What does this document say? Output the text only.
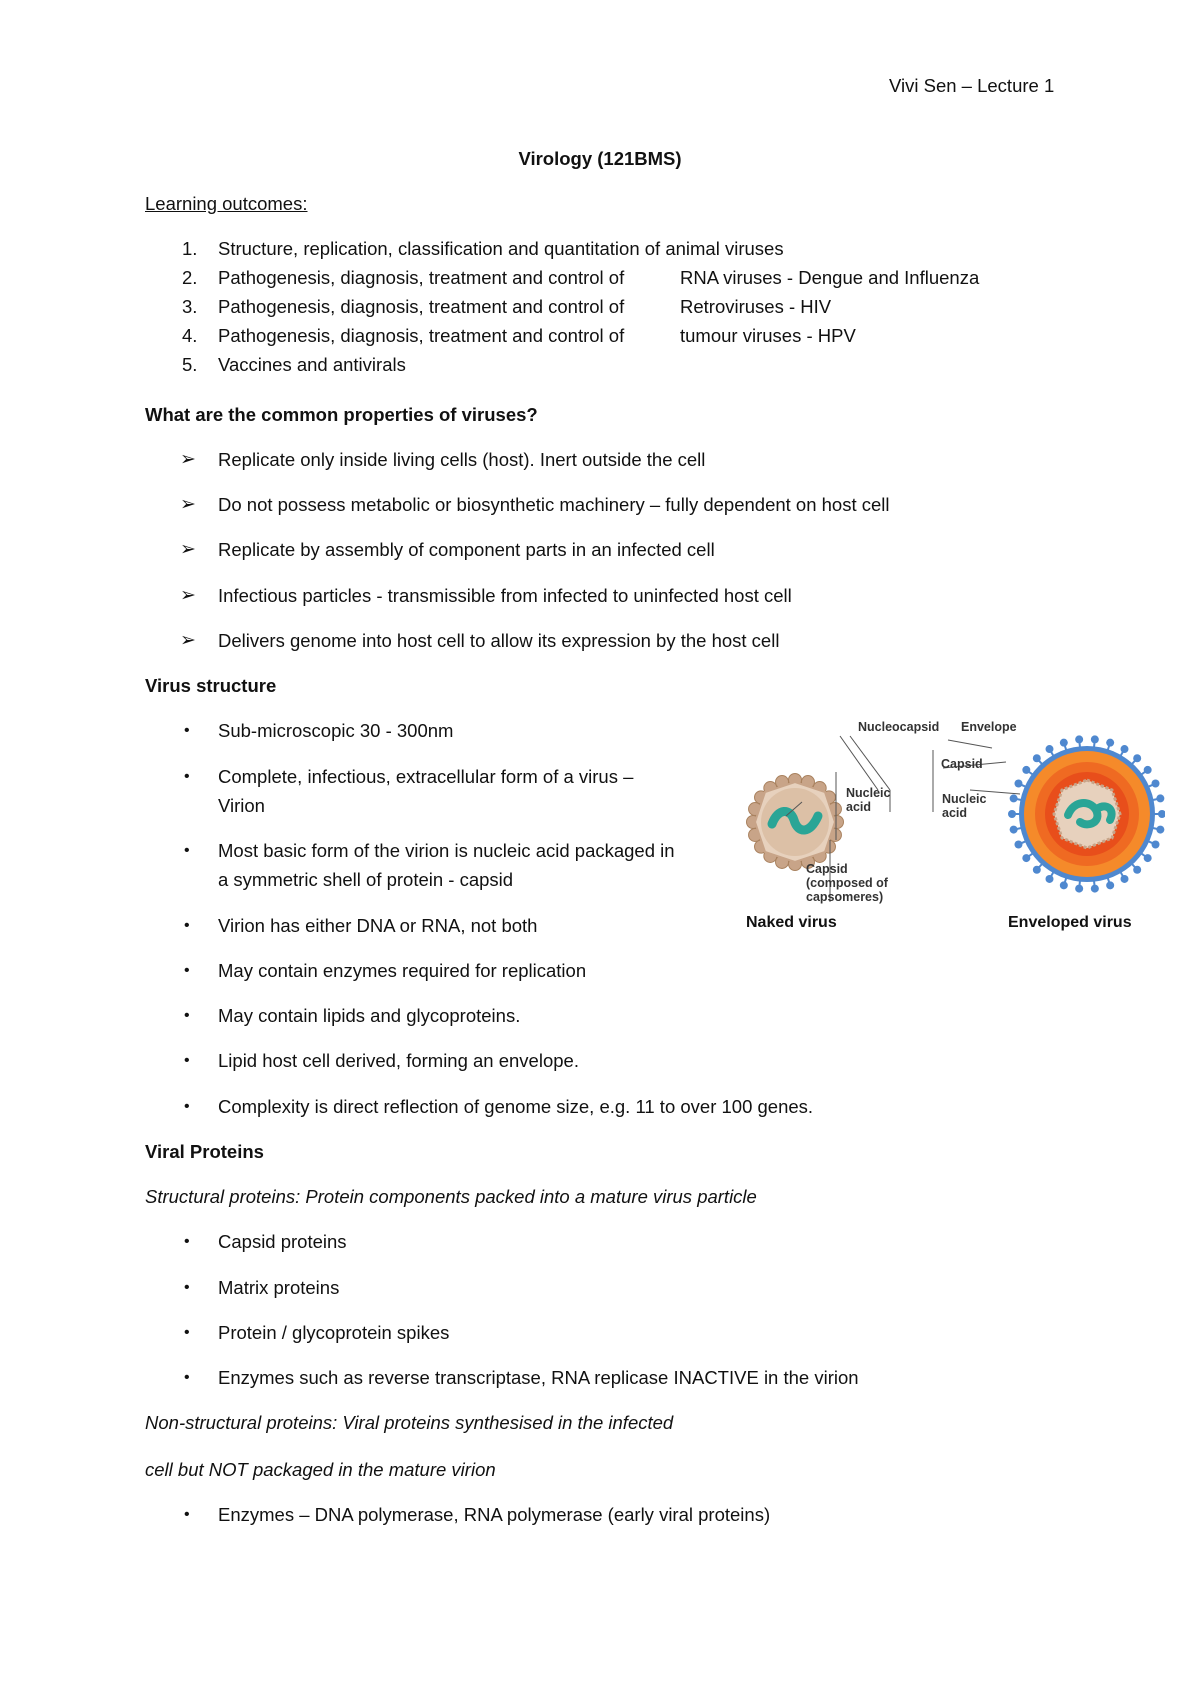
Vivi Sen – Lecture 1
Virology (121BMS)
Learning outcomes:
1.	Structure, replication, classification and quantitation of animal viruses
2.	Pathogenesis, diagnosis, treatment and control of	RNA viruses - Dengue and Influenza
3.	Pathogenesis, diagnosis, treatment and control of	Retroviruses - HIV
4.	Pathogenesis, diagnosis, treatment and control of	tumour viruses - HPV
5.	Vaccines and antivirals
What are the common properties of viruses?
➢ Replicate only inside living cells (host). Inert outside the cell
➢ Do not possess metabolic or biosynthetic machinery – fully dependent on host cell
➢ Replicate by assembly of component parts in an infected cell
➢ Infectious particles - transmissible from infected to uninfected host cell
➢ Delivers genome into host cell to allow its expression by the host cell
Virus structure
• Sub-microscopic 30 - 300nm
• Complete, infectious, extracellular form of a virus –
Virion
• Most basic form of the virion is nucleic acid packaged in
a symmetric shell of protein - capsid
• Virion has either DNA or RNA, not both
• May contain enzymes required for replication
• May contain lipids and glycoproteins.
• Lipid host cell derived, forming an envelope.
• Complexity is direct reflection of genome size, e.g. 11 to over 100 genes.
Nucleocapsid Envelope
Capsid
Nucleic
acid
Nucleic
acid
Capsid
(composed of
capsomeres)
Naked virus	Enveloped virus
Viral Proteins
Structural proteins: Protein components packed into a mature virus particle
• Capsid proteins
• Matrix proteins
• Protein / glycoprotein spikes
• Enzymes such as reverse transcriptase, RNA replicase INACTIVE in the virion
Non-structural proteins: Viral proteins synthesised in the infected
cell but NOT packaged in the mature virion
• Enzymes – DNA polymerase, RNA polymerase (early viral proteins)
